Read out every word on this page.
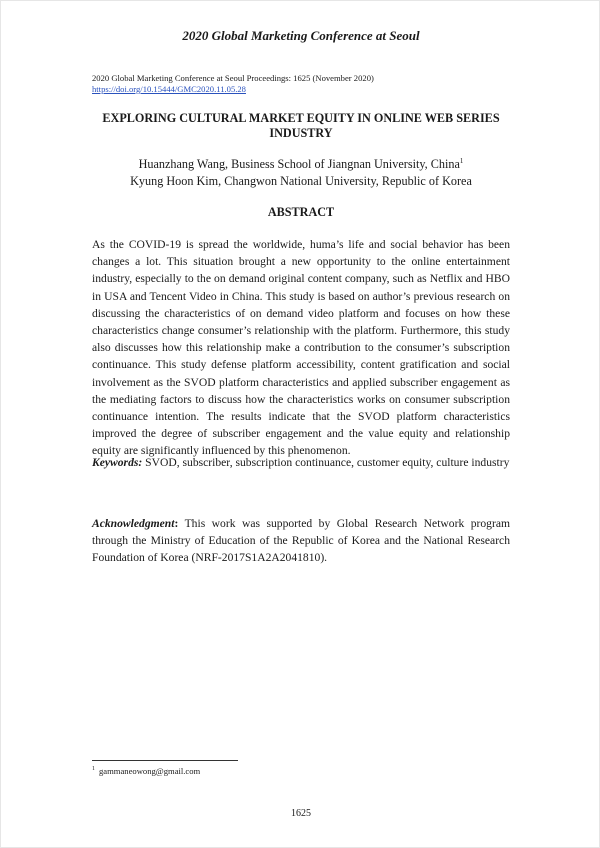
2020 Global Marketing Conference at Seoul
2020 Global Marketing Conference at Seoul Proceedings: 1625 (November 2020)
https://doi.org/10.15444/GMC2020.11.05.28
EXPLORING CULTURAL MARKET EQUITY IN ONLINE WEB SERIES INDUSTRY
Huanzhang Wang, Business School of Jiangnan University, China$^1$
Kyung Hoon Kim, Changwon National University, Republic of Korea
ABSTRACT

As the COVID-19 is spread the worldwide, huma’s life and social behavior has been changes a lot. This situation brought a new opportunity to the online entertainment industry, especially to the on demand original content company, such as Netflix and HBO in USA and Tencent Video in China. This study is based on author’s previous research on discussing the characteristics of on demand video platform and focuses on how these characteristics change consumer’s relationship with the platform. Furthermore, this study also discusses how this relationship make a contribution to the consumer’s subscription continuance. This study defense platform accessibility, content gratification and social involvement as the SVOD platform characteristics and applied subscriber engagement as the mediating factors to discuss how the characteristics works on consumer subscription continuance intention. The results indicate that the SVOD platform characteristics improved the degree of subscriber engagement and the value equity and relationship equity are significantly influenced by this phenomenon.

Keywords: SVOD, subscriber, subscription continuance, customer equity, culture industry

Acknowledgment: This work was supported by Global Research Network program through the Ministry of Education of the Republic of Korea and the National Research Foundation of Korea (NRF-2017S1A2A2041810).

$^1$ gammaneowong@gmail.com
1625
